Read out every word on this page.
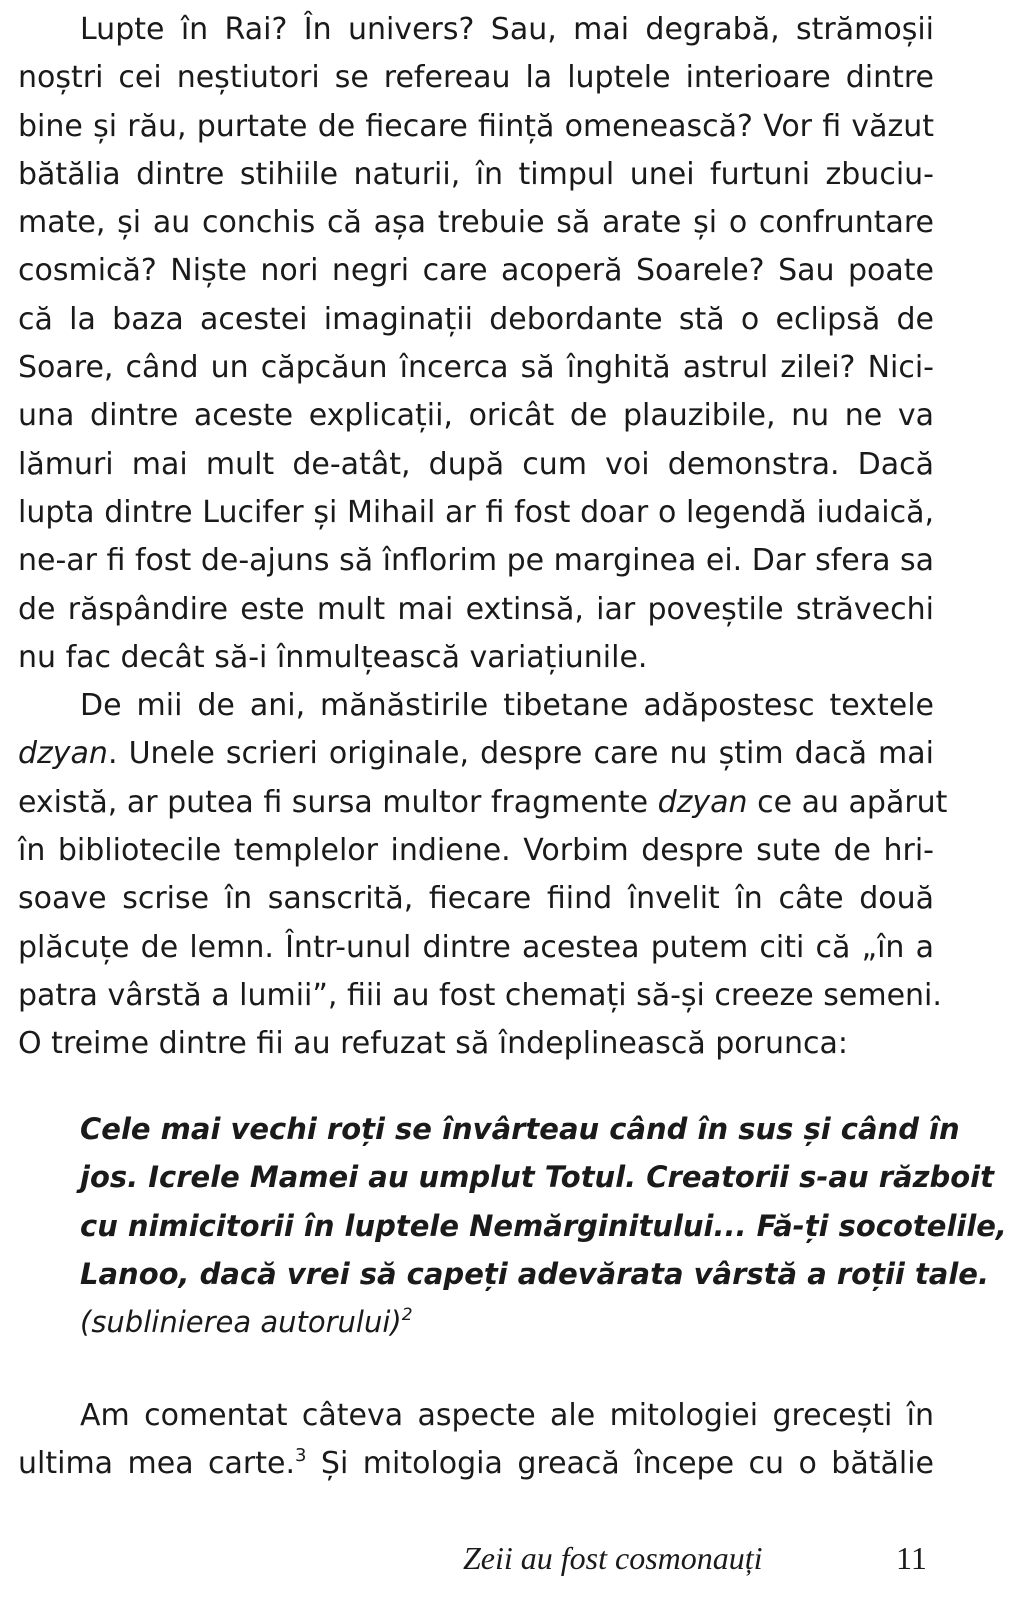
Lupte în Rai? În univers? Sau, mai degrabă, strămoșii
noștri cei neștiutori se refereau la luptele interioare dintre
bine și rău, purtate de fiecare ființă omenească? Vor fi văzut
bătălia dintre stihiile naturii, în timpul unei furtuni zbuciu-
mate, și au conchis că așa trebuie să arate și o confruntare
cosmică? Niște nori negri care acoperă Soarele? Sau poate
că la baza acestei imaginații debordante stă o eclipsă de
Soare, când un căpcăun încerca să înghită astrul zilei? Nici-
una dintre aceste explicații, oricât de plauzibile, nu ne va
lămuri mai mult de-atât, după cum voi demonstra. Dacă
lupta dintre Lucifer și Mihail ar fi fost doar o legendă iudaică,
ne-ar fi fost de-ajuns să înflorim pe marginea ei. Dar sfera sa
de răspândire este mult mai extinsă, iar poveștile străvechi
nu fac decât să-i înmulțească variațiunile.
De mii de ani, mănăstirile tibetane adăpostesc textele
dzyan. Unele scrieri originale, despre care nu știm dacă mai
există, ar putea fi sursa multor fragmente dzyan ce au apărut
în bibliotecile templelor indiene. Vorbim despre sute de hri-
soave scrise în sanscrită, fiecare fiind învelit în câte două
plăcuțe de lemn. Într-unul dintre acestea putem citi că „în a
patra vârstă a lumii”, fiii au fost chemați să-și creeze semeni.
O treime dintre fii au refuzat să îndeplinească porunca:
Cele mai vechi roți se învârteau când în sus și când în
jos. Icrele Mamei au umplut Totul. Creatorii s-au războit
cu nimicitorii în luptele Nemărginitului... Fă-ți socotelile,
Lanoo, dacă vrei să capeți adevărata vârstă a roții tale.
(sublinierea autorului)$^2$
Am comentat câteva aspecte ale mitologiei grecești în
ultima mea carte.$^3$ Și mitologia greacă începe cu o bătălie
Zeii au fost cosmonauți	11
